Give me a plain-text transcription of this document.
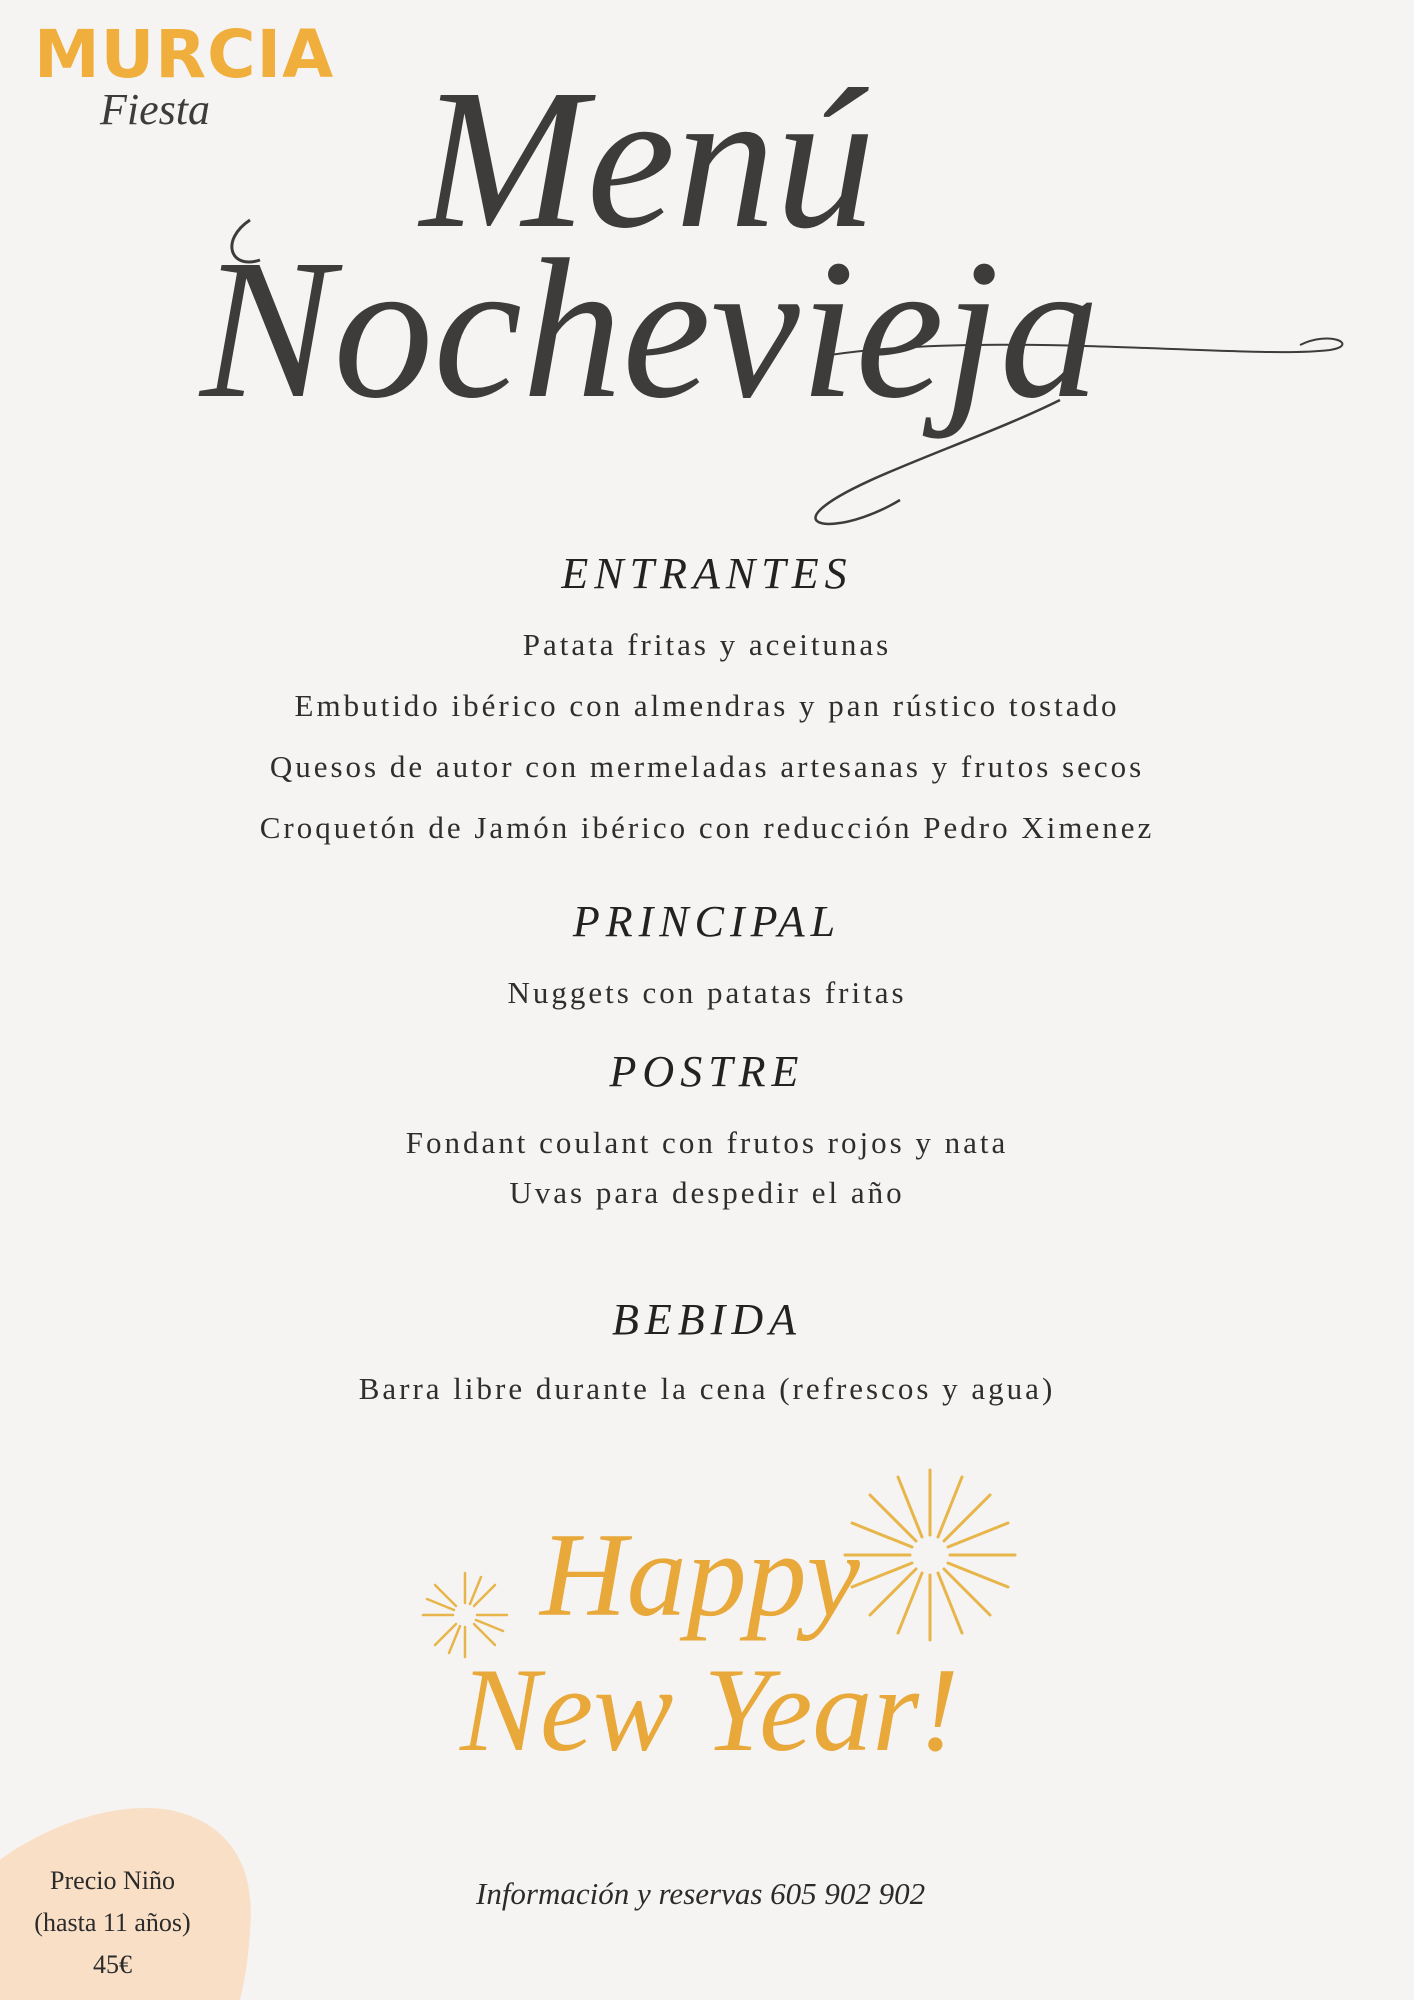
MURCIA
Fiesta Menú
Nochevieja

ENTRANTES

Patata fritas y aceitunas

Embutido ibérico con almendras y pan rústico tostado

Quesos de autor con mermeladas artesanas y frutos secos

Croquetón de Jamón ibérico con reducción Pedro Ximenez

PRINCIPAL

Nuggets con patatas fritas

POSTRE

Fondant coulant con frutos rojos y nata

Uvas para despedir el año

BEBIDA

Barra libre durante la cena (refrescos y agua)

Happy
New Year!
Información y reservas 605 902 902
Precio Niño
(hasta 11 años)
45€
